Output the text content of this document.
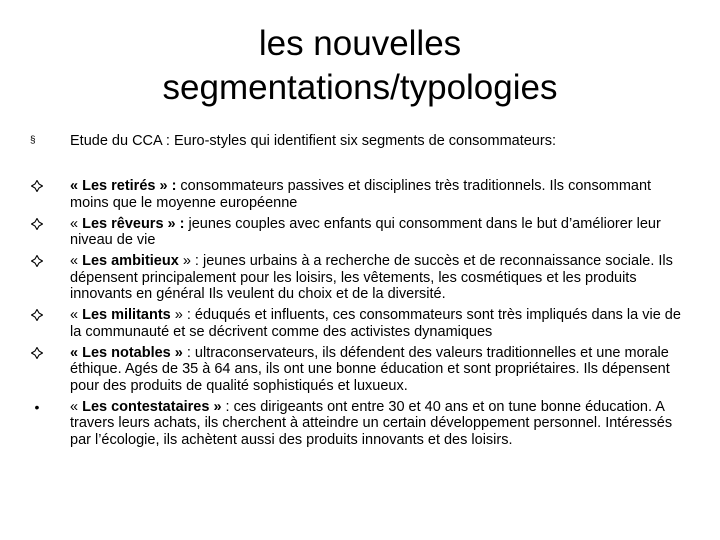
les nouvelles
segmentations/typologies
§ Etude du CCA : Euro-styles qui identifient six segments de consommateurs:
« Les retirés » : consommateurs passives et disciplines très traditionnels. Ils consommant moins que le moyenne européenne
« Les rêveurs » : jeunes couples avec enfants qui consomment dans le but d’améliorer leur niveau de vie
« Les ambitieux » : jeunes urbains à a recherche de succès et de reconnaissance sociale. Ils dépensent principalement pour les loisirs, les vêtements, les cosmétiques et les produits innovants en général Ils veulent du choix et de la diversité.
« Les militants » : éduqués et influents, ces consommateurs sont très impliqués dans la vie de la communauté et se décrivent comme des activistes dynamiques
« Les notables » : ultraconservateurs, ils défendent des valeurs traditionnelles et une morale éthique. Agés de 35 à 64 ans, ils ont une bonne éducation et sont propriétaires. Ils dépensent pour des produits de qualité sophistiqués et luxueux.
•	« Les contestataires » : ces dirigeants ont entre 30 et 40 ans et on tune bonne éducation. A travers leurs achats, ils cherchent à atteindre un certain développement personnel. Intéressés par l’écologie, ils achètent aussi des produits innovants et des loisirs.
